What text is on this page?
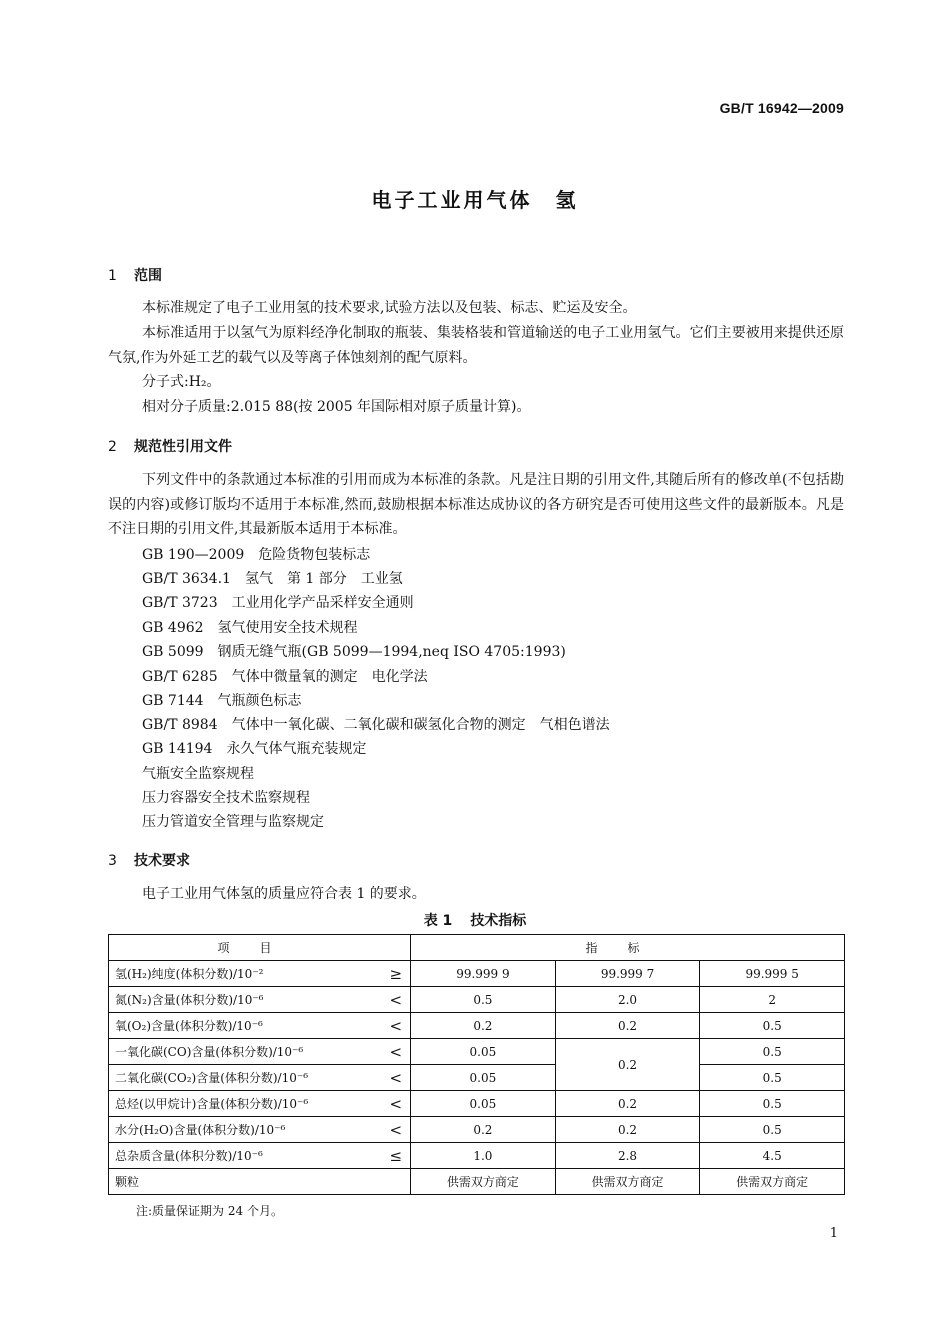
GB/T 16942—2009
电子工业用气体　氢
1 范围
本标准规定了电子工业用氢的技术要求,试验方法以及包装、标志、贮运及安全。
本标准适用于以氢气为原料经净化制取的瓶装、集装格装和管道输送的电子工业用氢气。它们主要被用来提供还原气氛,作为外延工艺的载气以及等离子体蚀刻剂的配气原料。
分子式:H₂。
相对分子质量:2.015 88(按 2005 年国际相对原子质量计算)。
2 规范性引用文件
下列文件中的条款通过本标准的引用而成为本标准的条款。凡是注日期的引用文件,其随后所有的修改单(不包括勘误的内容)或修订版均不适用于本标准,然而,鼓励根据本标准达成协议的各方研究是否可使用这些文件的最新版本。凡是不注日期的引用文件,其最新版本适用于本标准。
GB 190—2009　危险货物包装标志
GB/T 3634.1　氢气　第 1 部分　工业氢
GB/T 3723　工业用化学产品采样安全通则
GB 4962　氢气使用安全技术规程
GB 5099　钢质无缝气瓶(GB 5099—1994,neq ISO 4705:1993)
GB/T 6285　气体中微量氧的测定　电化学法
GB 7144　气瓶颜色标志
GB/T 8984　气体中一氧化碳、二氧化碳和碳氢化合物的测定　气相色谱法
GB 14194　永久气体气瓶充装规定
气瓶安全监察规程
压力容器安全技术监察规程
压力管道安全管理与监察规定
3 技术要求
电子工业用气体氢的质量应符合表 1 的要求。
表 1 技术指标
项目	指标		
氢(H₂)纯度(体积分数)/10⁻² ≥	99.999 9	99.999 7	99.999 5
氮(N₂)含量(体积分数)/10⁻⁶ <	0.5	2.0	2
氧(O₂)含量(体积分数)/10⁻⁶ <	0.2	0.2	0.5
一氧化碳(CO)含量(体积分数)/10⁻⁶ <	0.05	0.2	0.5
二氧化碳(CO₂)含量(体积分数)/10⁻⁶ <	0.05		0.5
总烃(以甲烷计)含量(体积分数)/10⁻⁶ <	0.05	0.2	0.5
水分(H₂O)含量(体积分数)/10⁻⁶ <	0.2	0.2	0.5
总杂质含量(体积分数)/10⁻⁶ ≤	1.0	2.8	4.5
颗粒	供需双方商定	供需双方商定	供需双方商定
注:质量保证期为 24 个月。
1
